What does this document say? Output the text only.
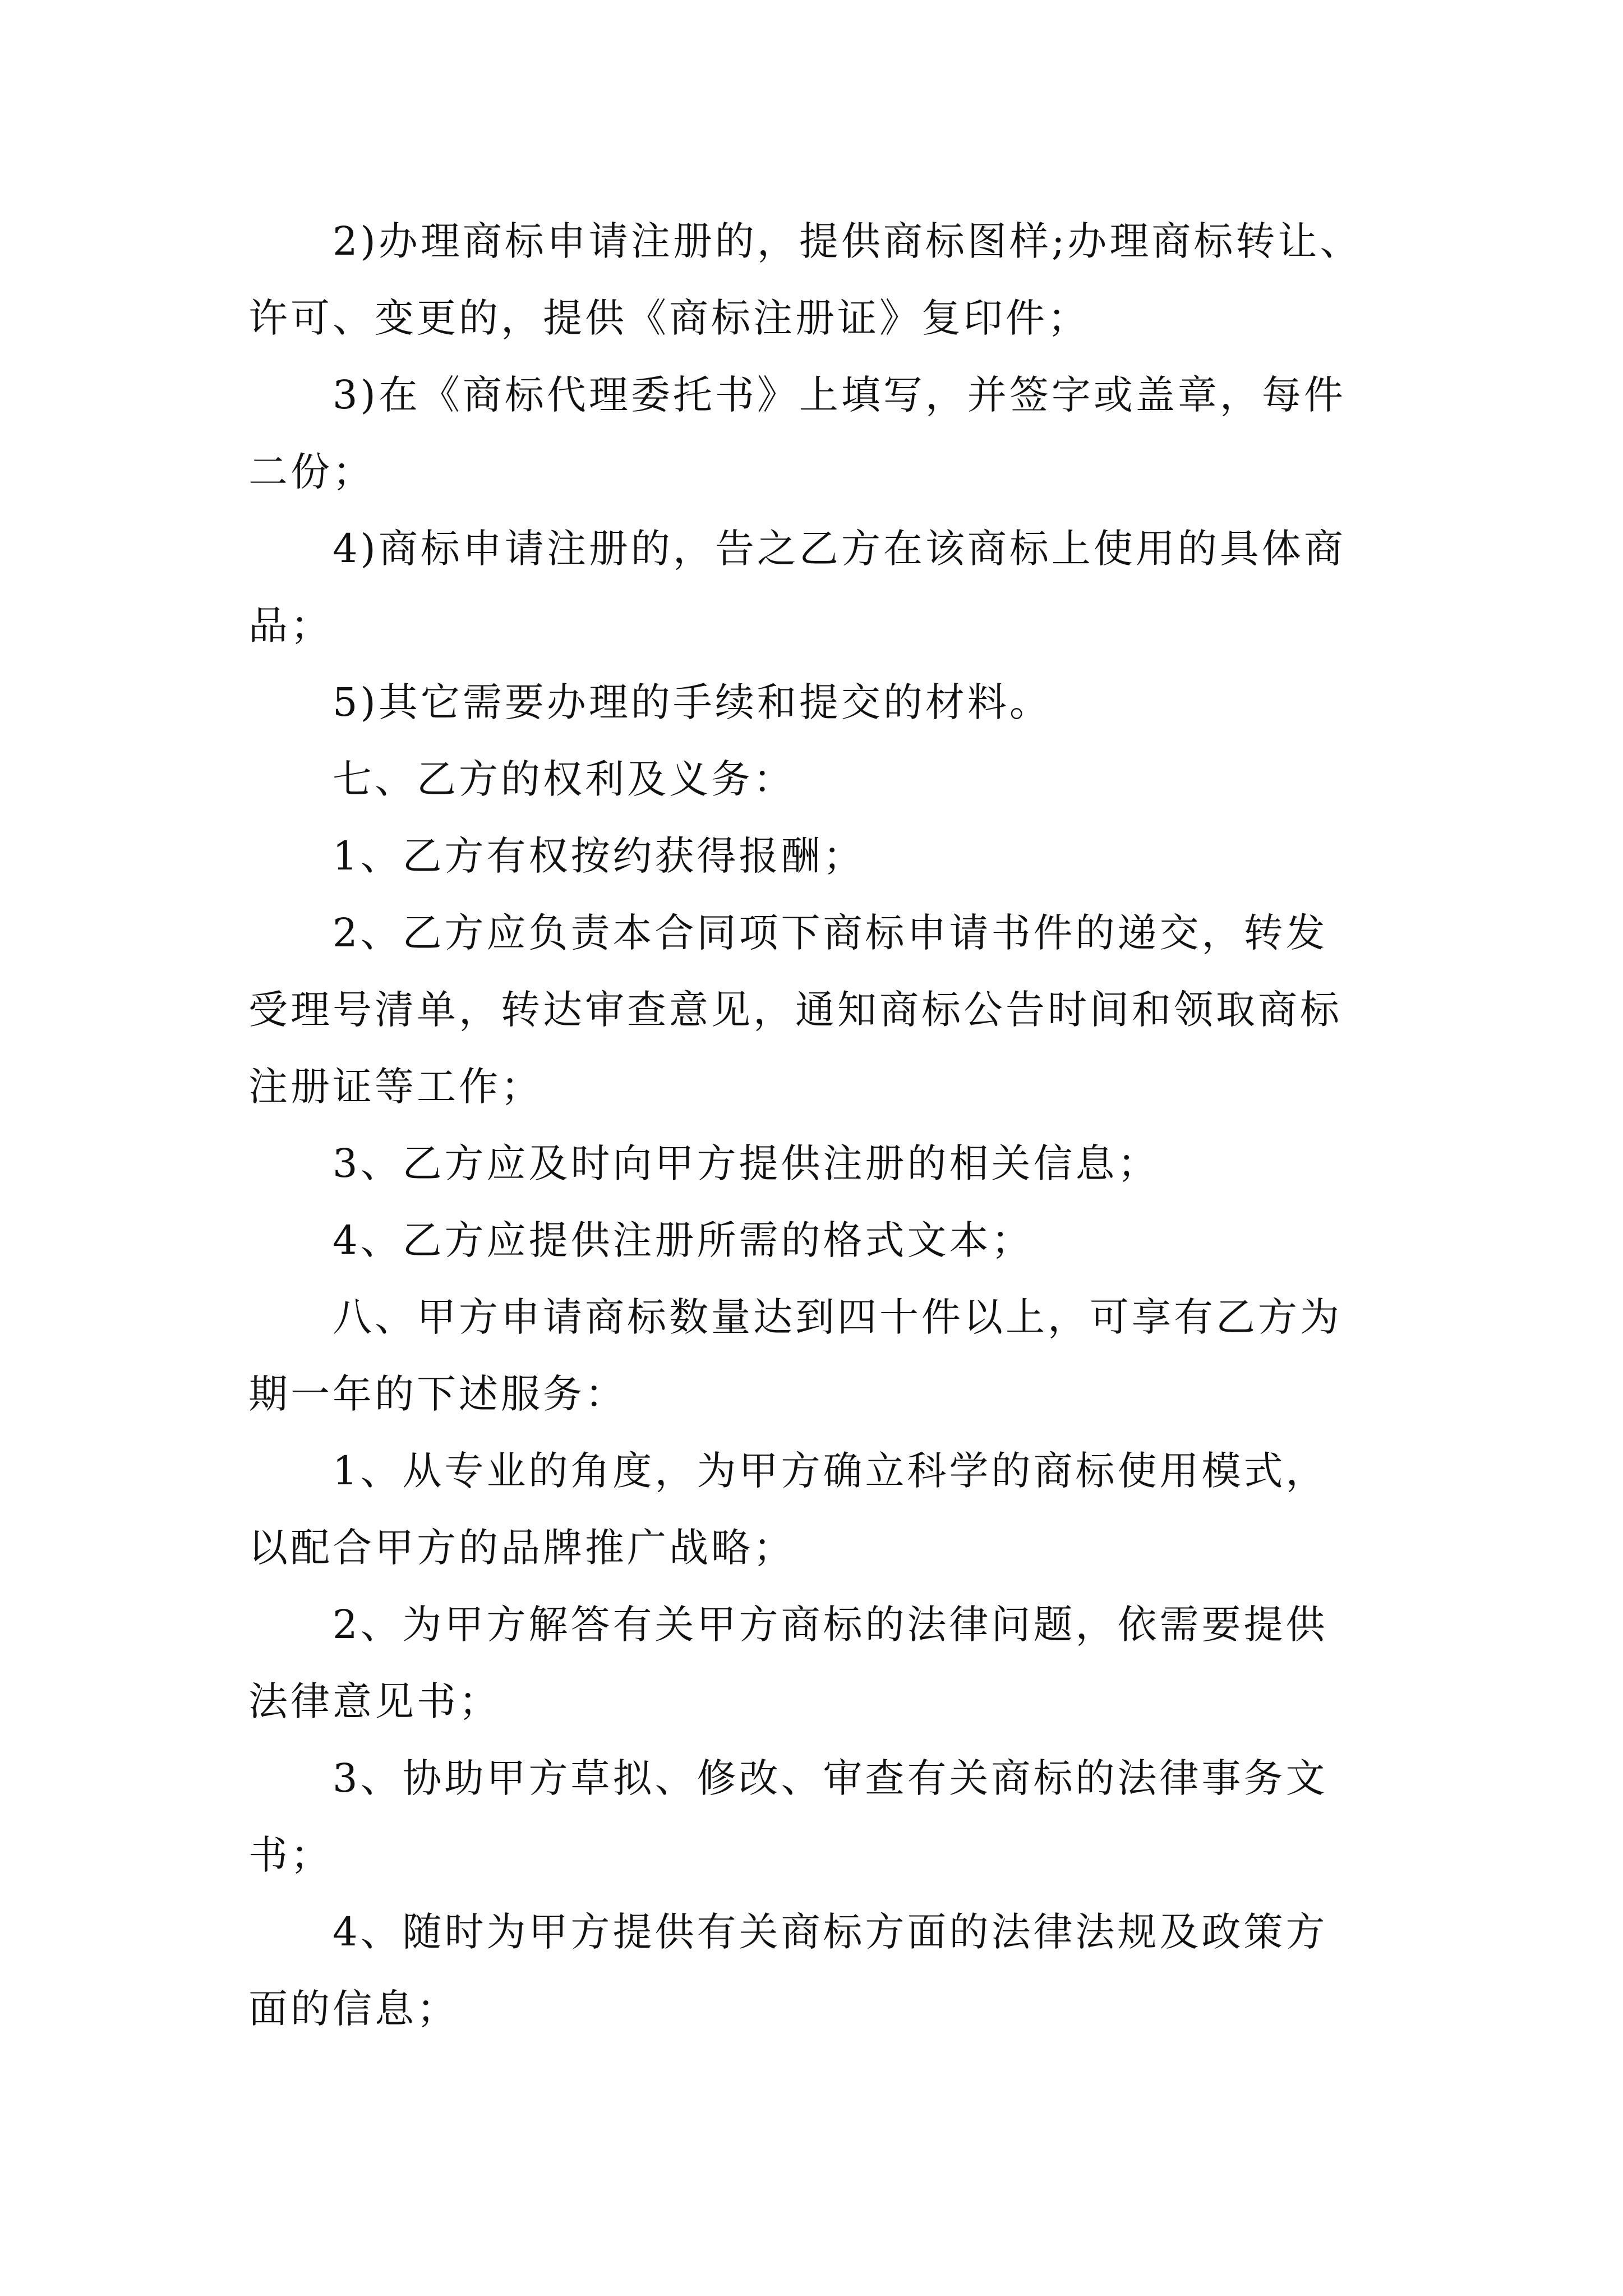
2)办理商标申请注册的，提供商标图样;办理商标转让、
许可、变更的，提供《商标注册证》复印件；
3)在《商标代理委托书》上填写，并签字或盖章，每件
二份；
4)商标申请注册的，告之乙方在该商标上使用的具体商
品；
5)其它需要办理的手续和提交的材料。
七、乙方的权利及义务：
1、乙方有权按约获得报酬；
2、乙方应负责本合同项下商标申请书件的递交，转发
受理号清单，转达审查意见，通知商标公告时间和领取商标
注册证等工作；
3、乙方应及时向甲方提供注册的相关信息；
4、乙方应提供注册所需的格式文本；
八、甲方申请商标数量达到四十件以上，可享有乙方为
期一年的下述服务：
1、从专业的角度，为甲方确立科学的商标使用模式，
以配合甲方的品牌推广战略；
2、为甲方解答有关甲方商标的法律问题，依需要提供
法律意见书；
3、协助甲方草拟、修改、审查有关商标的法律事务文
书；
4、随时为甲方提供有关商标方面的法律法规及政策方
面的信息；
